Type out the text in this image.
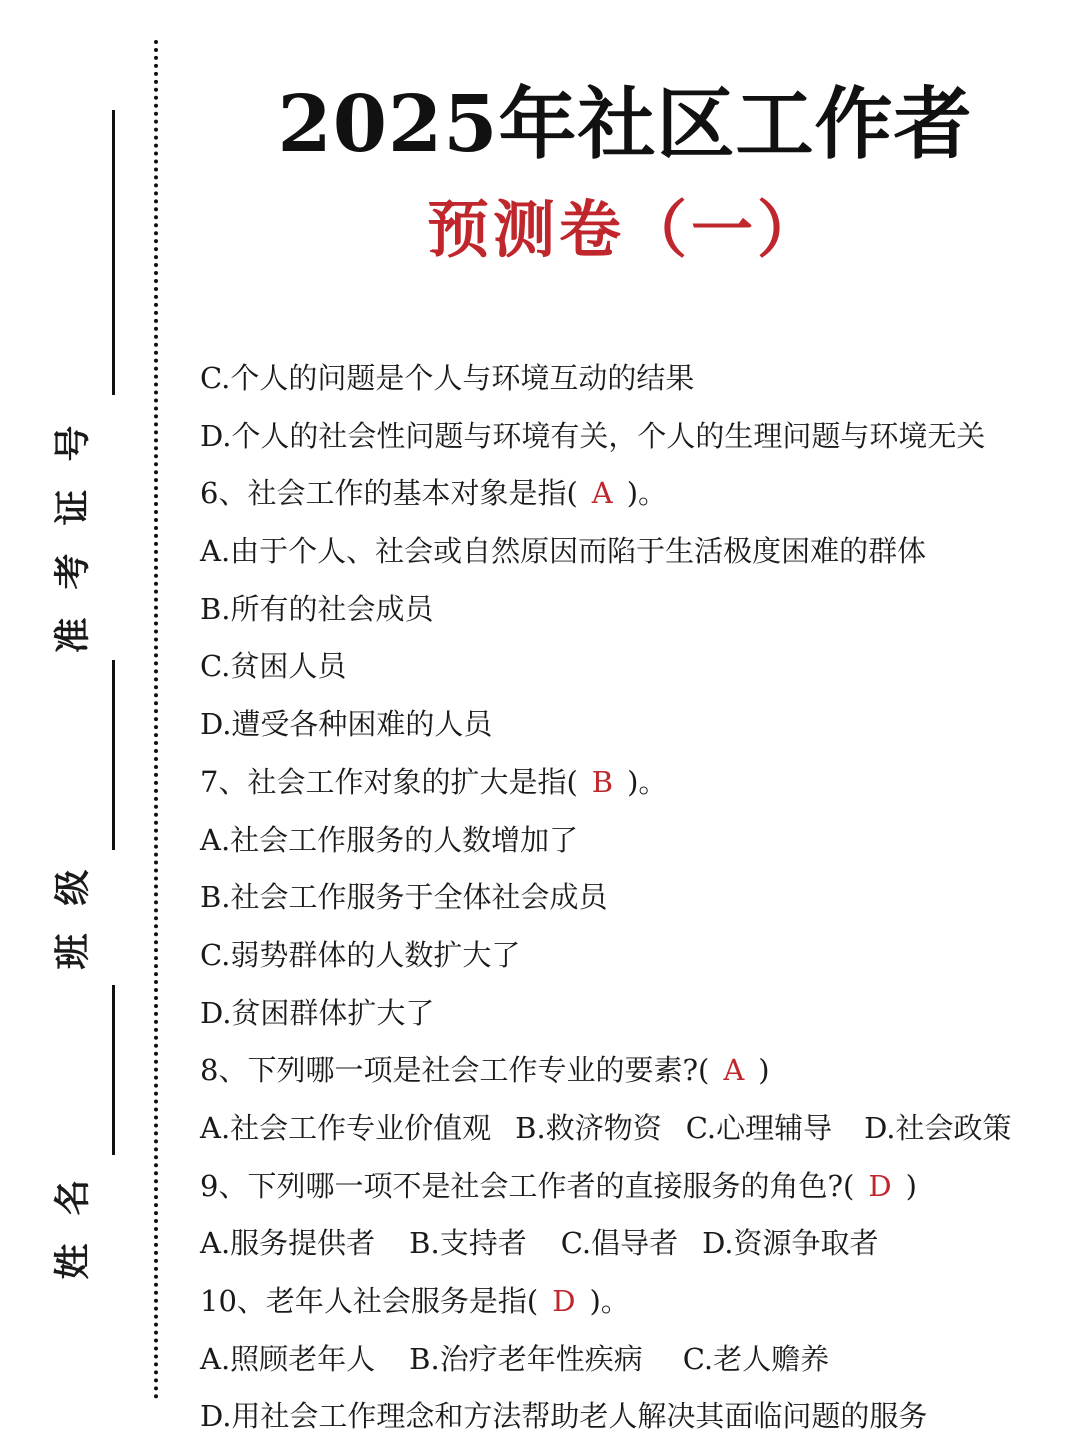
准考证号
班级
姓名
2025年社区工作者
预测卷（一）
C.个人的问题是个人与环境互动的结果
D.个人的社会性问题与环境有关，个人的生理问题与环境无关
6、社会工作的基本对象是指( A )。
A.由于个人、社会或自然原因而陷于生活极度困难的群体
B.所有的社会成员
C.贫困人员
D.遭受各种困难的人员
7、社会工作对象的扩大是指( B )。
A.社会工作服务的人数增加了
B.社会工作服务于全体社会成员
C.弱势群体的人数扩大了
D.贫困群体扩大了
8、下列哪一项是社会工作专业的要素?( A )
A.社会工作专业价值观 B.救济物资 C.心理辅导 D.社会政策
9、下列哪一项不是社会工作者的直接服务的角色?( D )
A.服务提供者 B.支持者 C.倡导者 D.资源争取者
10、老年人社会服务是指( D )。
A.照顾老年人 B.治疗老年性疾病 C.老人赡养
D.用社会工作理念和方法帮助老人解决其面临问题的服务
